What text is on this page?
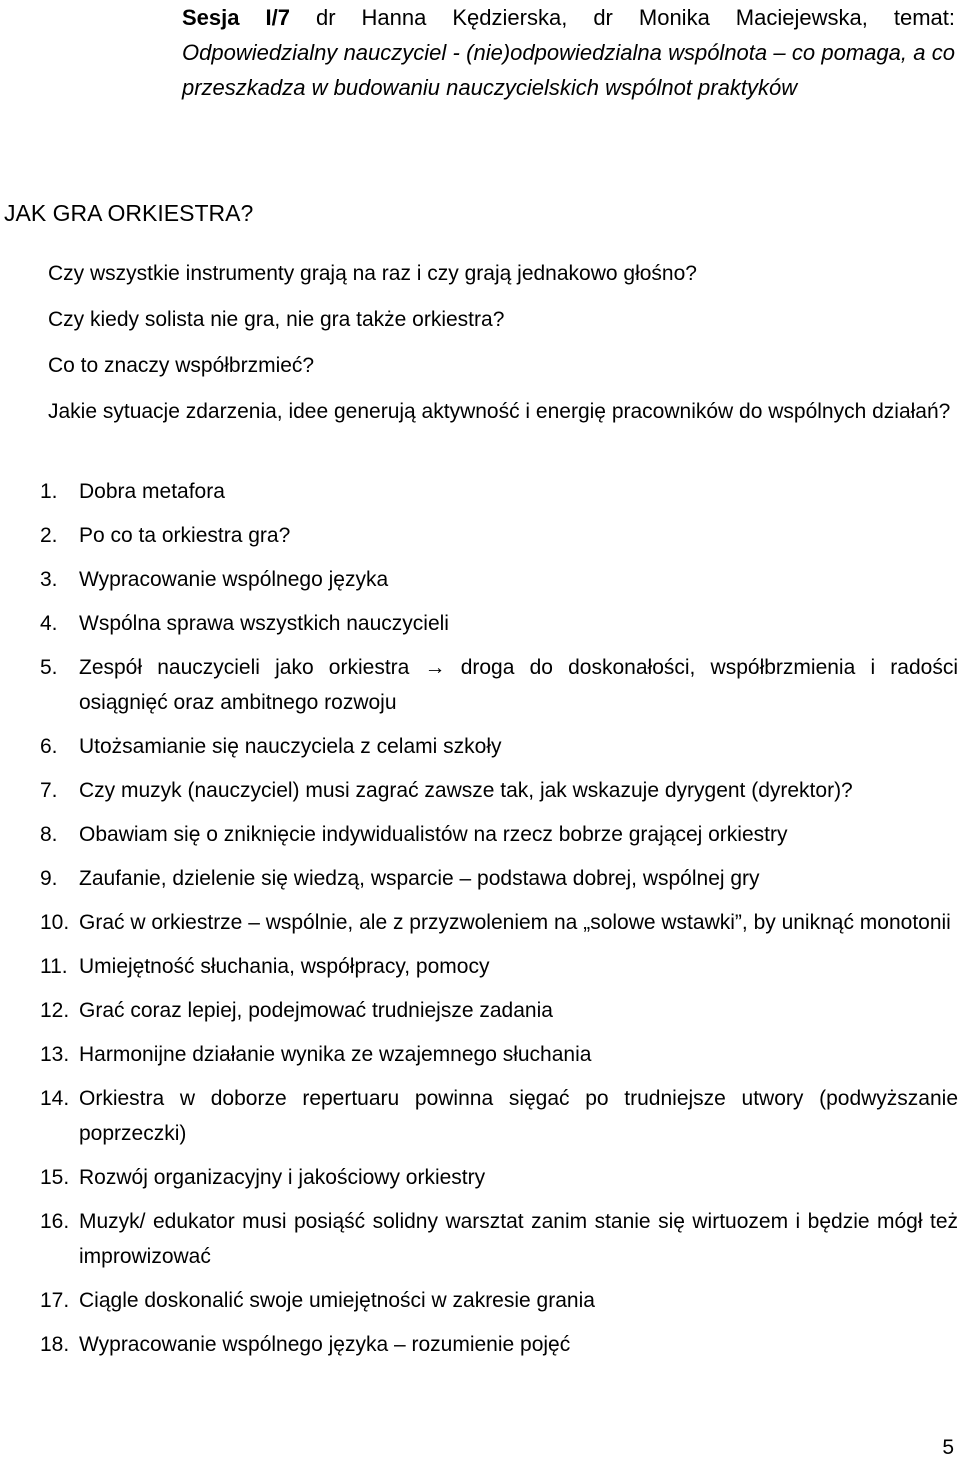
Sesja I/7 dr Hanna Kędzierska, dr Monika Maciejewska, temat: Odpowiedzialny nauczyciel - (nie)odpowiedzialna wspólnota – co pomaga, a co przeszkadza w budowaniu nauczycielskich wspólnot praktyków
JAK GRA ORKIESTRA?
Czy wszystkie instrumenty grają na raz i czy grają jednakowo głośno?
Czy kiedy solista nie gra, nie gra także orkiestra?
Co to znaczy współbrzmieć?
Jakie sytuacje zdarzenia, idee generują aktywność i energię pracowników do wspólnych działań?
1. Dobra metafora
2. Po co ta orkiestra gra?
3. Wypracowanie wspólnego języka
4. Wspólna sprawa wszystkich nauczycieli
5. Zespół nauczycieli jako orkiestra → droga do doskonałości, współbrzmienia i radości osiągnięć oraz ambitnego rozwoju
6. Utożsamianie się nauczyciela z celami szkoły
7. Czy muzyk (nauczyciel) musi zagrać zawsze tak, jak wskazuje dyrygent (dyrektor)?
8. Obawiam się o zniknięcie indywidualistów na rzecz bobrze grającej orkiestry
9. Zaufanie, dzielenie się wiedzą, wsparcie – podstawa dobrej, wspólnej gry
10. Grać w orkiestrze – wspólnie, ale z przyzwoleniem na „solowe wstawki”, by uniknąć monotonii
11. Umiejętność słuchania, współpracy, pomocy
12. Grać coraz lepiej, podejmować trudniejsze zadania
13. Harmonijne działanie wynika ze wzajemnego słuchania
14. Orkiestra w doborze repertuaru powinna sięgać po trudniejsze utwory (podwyższanie poprzeczki)
15. Rozwój organizacyjny i jakościowy orkiestry
16. Muzyk/ edukator musi posiąść solidny warsztat zanim stanie się wirtuozem i będzie mógł też improwizować
17. Ciągle doskonalić swoje umiejętności w zakresie grania
18. Wypracowanie wspólnego języka – rozumienie pojęć
5
